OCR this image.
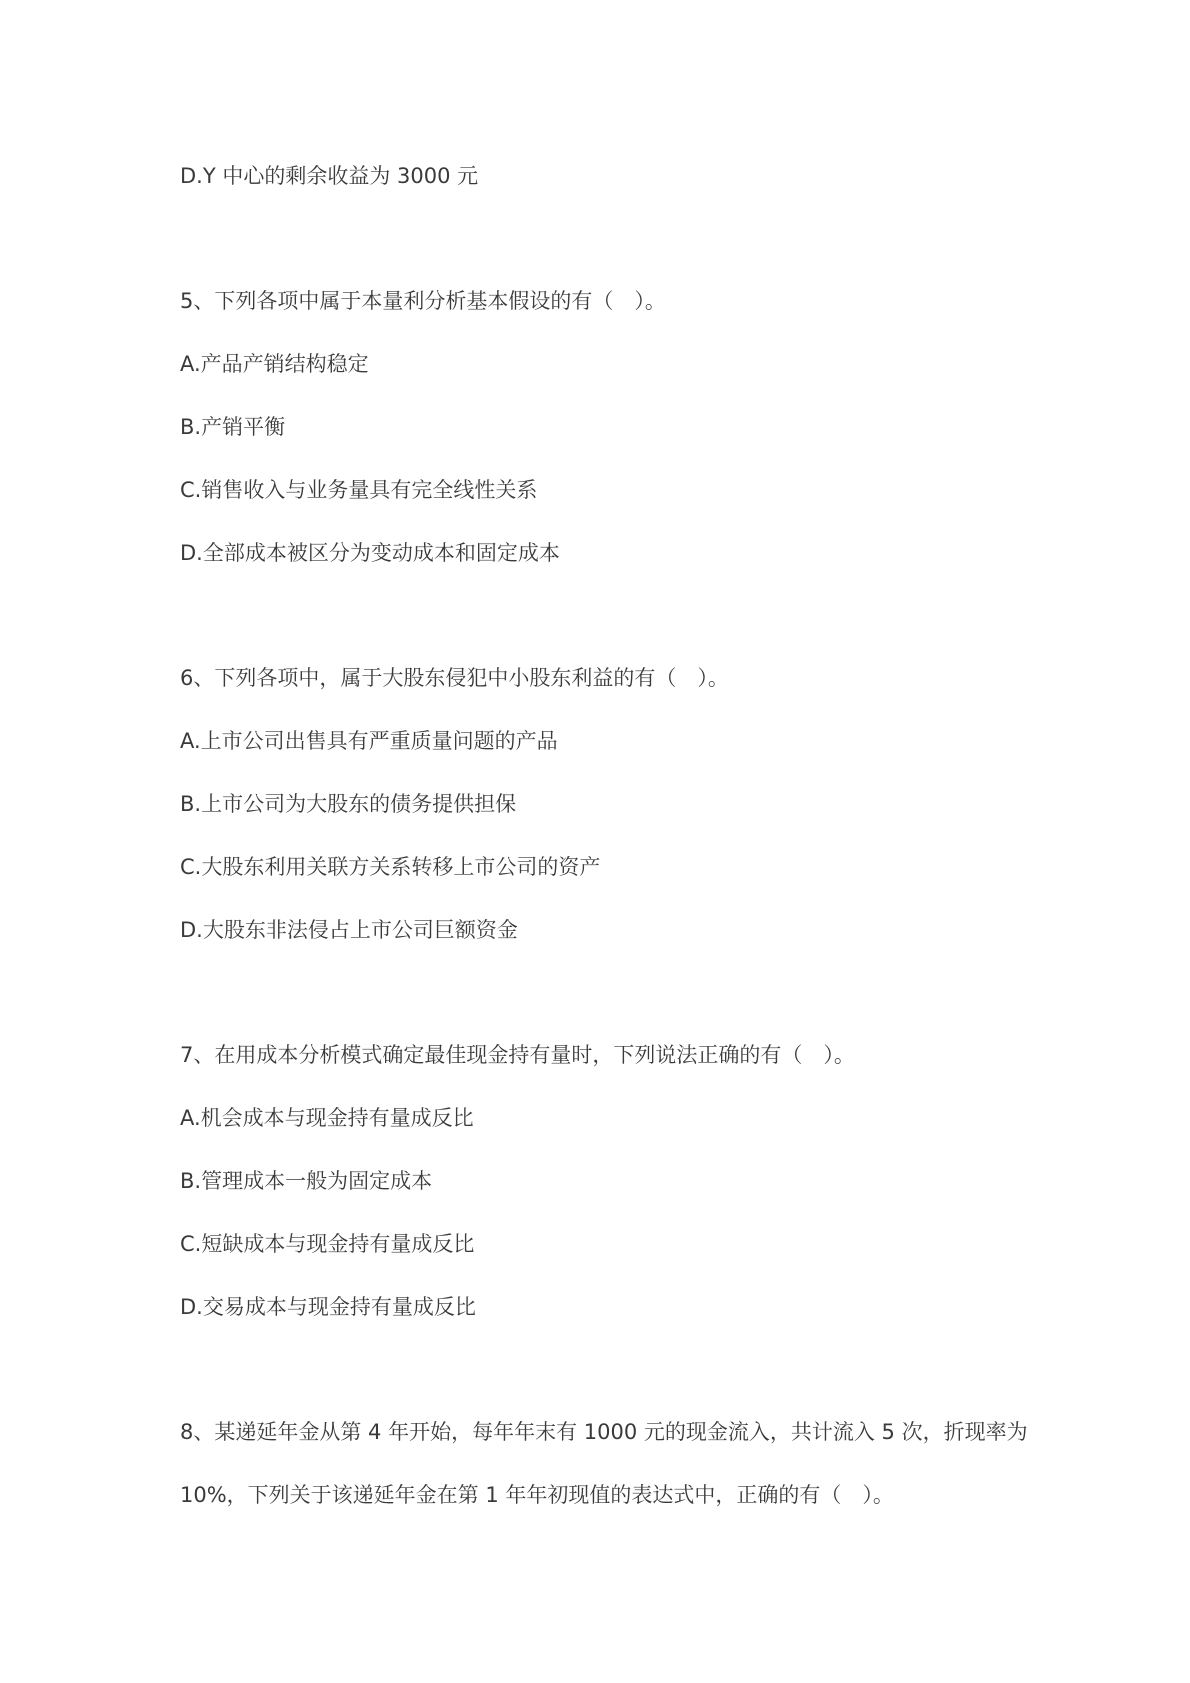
D.Y 中心的剩余收益为 3000 元
5、下列各项中属于本量利分析基本假设的有（　）。
A.产品产销结构稳定
B.产销平衡
C.销售收入与业务量具有完全线性关系
D.全部成本被区分为变动成本和固定成本
6、下列各项中，属于大股东侵犯中小股东利益的有（　）。
A.上市公司出售具有严重质量问题的产品
B.上市公司为大股东的债务提供担保
C.大股东利用关联方关系转移上市公司的资产
D.大股东非法侵占上市公司巨额资金
7、在用成本分析模式确定最佳现金持有量时，下列说法正确的有（　）。
A.机会成本与现金持有量成反比
B.管理成本一般为固定成本
C.短缺成本与现金持有量成反比
D.交易成本与现金持有量成反比
8、某递延年金从第 4 年开始，每年年末有 1000 元的现金流入，共计流入 5 次，折现率为
10%，下列关于该递延年金在第 1 年年初现值的表达式中，正确的有（　）。
